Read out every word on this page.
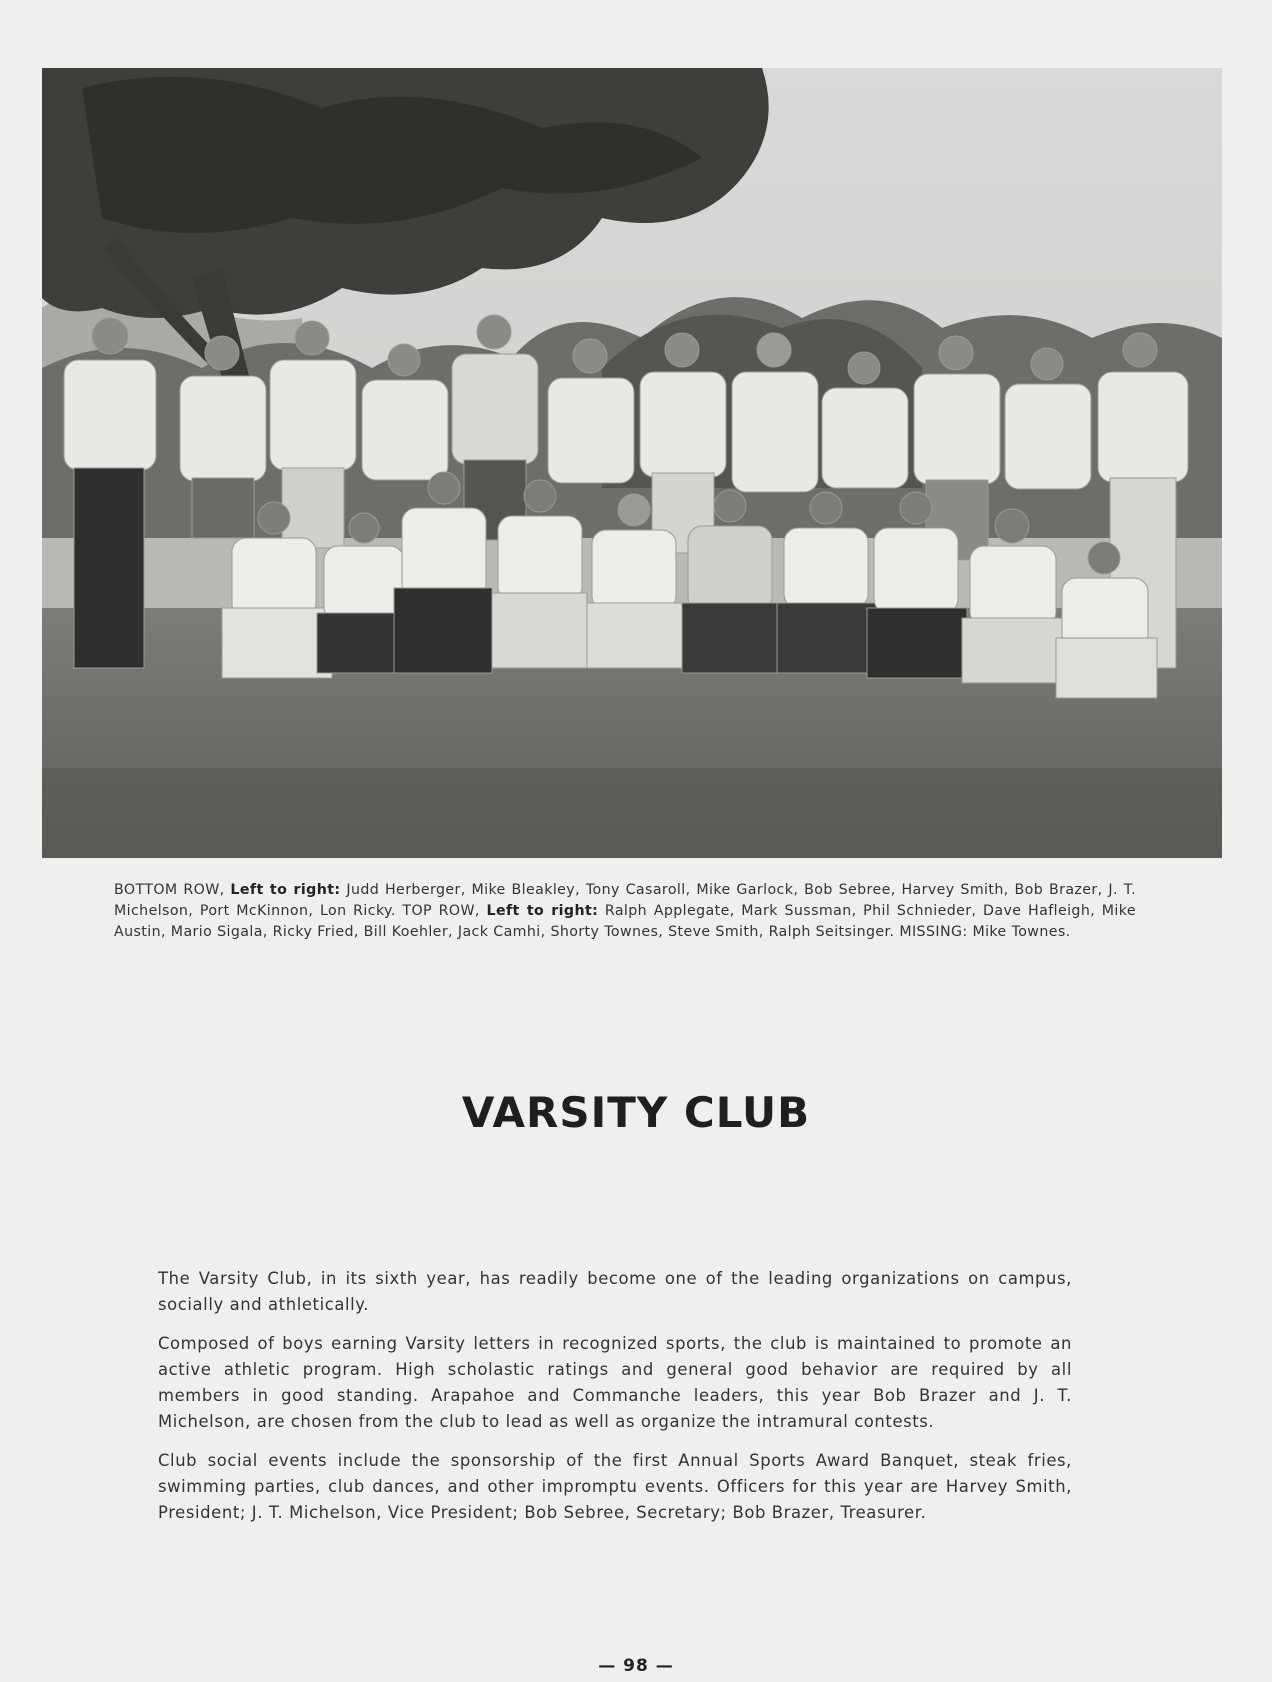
BOTTOM ROW, Left to right: Judd Herberger, Mike Bleakley, Tony Casaroll, Mike Garlock, Bob Sebree, Harvey Smith, Bob Brazer, J. T. Michelson, Port McKinnon, Lon Ricky. TOP ROW, Left to right: Ralph Applegate, Mark Sussman, Phil Schnieder, Dave Hafleigh, Mike Austin, Mario Sigala, Ricky Fried, Bill Koehler, Jack Camhi, Shorty Townes, Steve Smith, Ralph Seitsinger. MISSING: Mike Townes.
VARSITY CLUB

The Varsity Club, in its sixth year, has readily become one of the leading organizations on campus, socially and athletically.

Composed of boys earning Varsity letters in recognized sports, the club is maintained to promote an active athletic program. High scholastic ratings and general good behavior are required by all members in good standing. Arapahoe and Commanche leaders, this year Bob Brazer and J. T. Michelson, are chosen from the club to lead as well as organize the intramural contests.

Club social events include the sponsorship of the first Annual Sports Award Banquet, steak fries, swimming parties, club dances, and other impromptu events. Officers for this year are Harvey Smith, President; J. T. Michelson, Vice President; Bob Sebree, Secretary; Bob Brazer, Treasurer.

— 98 —
